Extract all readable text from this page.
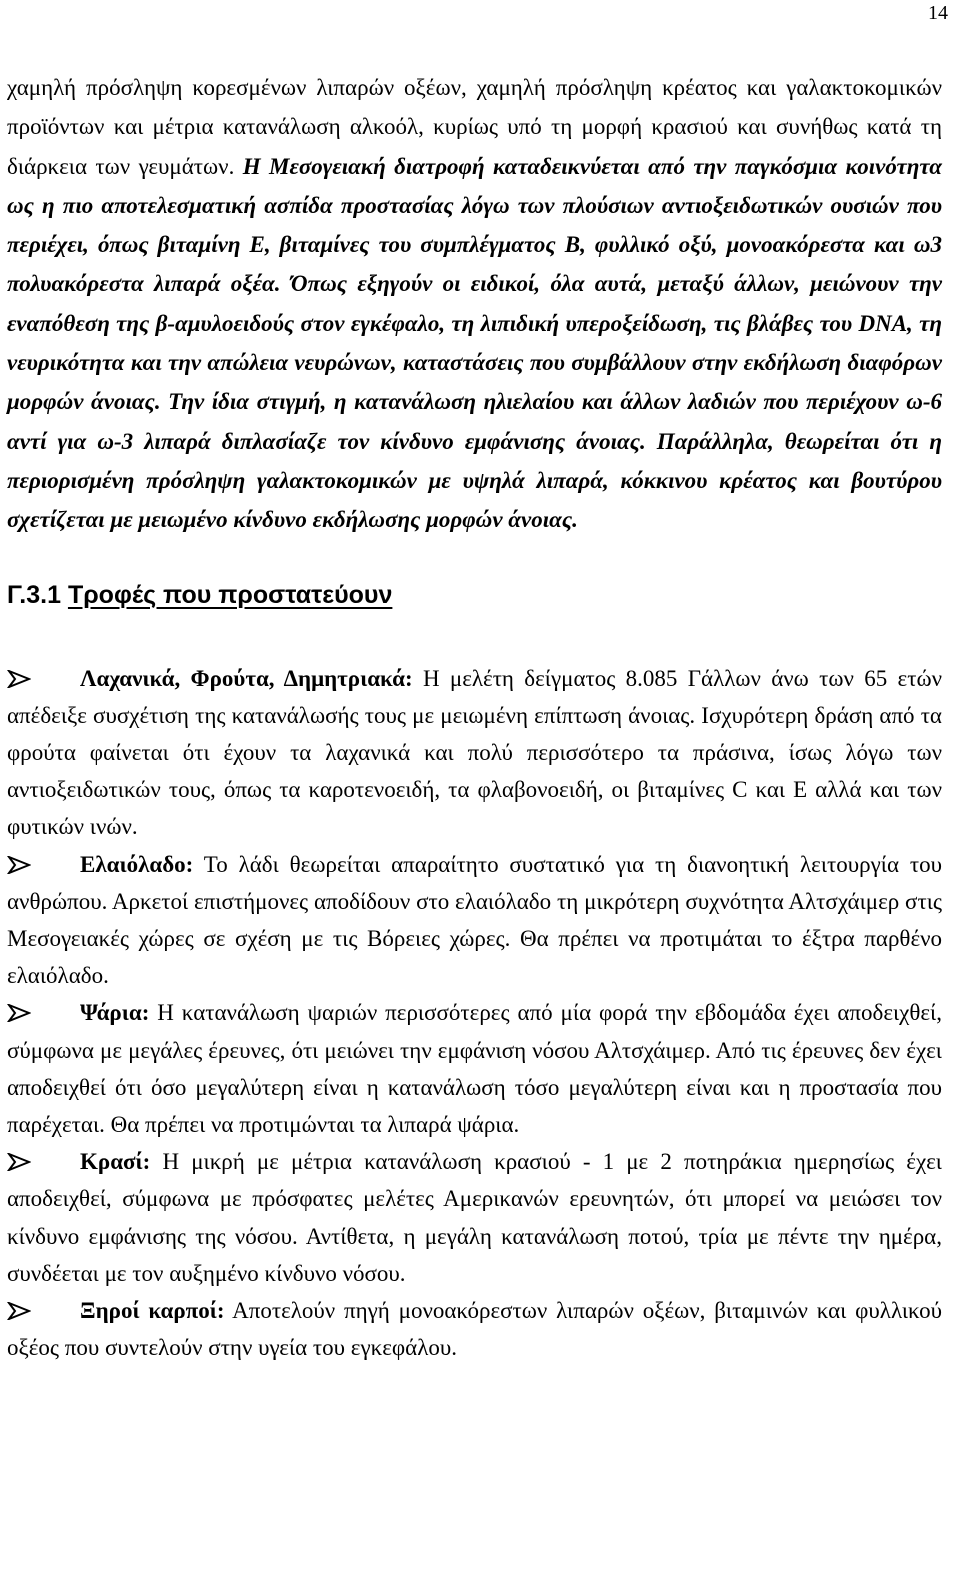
14

χαμηλή πρόσληψη κορεσμένων λιπαρών οξέων, χαμηλή πρόσληψη κρέατος και γαλακτοκομικών προϊόντων και μέτρια κατανάλωση αλκοόλ, κυρίως υπό τη μορφή κρασιού και συνήθως κατά τη διάρκεια των γευμάτων. Η Μεσογειακή διατροφή καταδεικνύεται από την παγκόσμια κοινότητα ως η πιο αποτελεσματική ασπίδα προστασίας λόγω των πλούσιων αντιοξειδωτικών ουσιών που περιέχει, όπως βιταμίνη Ε, βιταμίνες του συμπλέγματος Β, φυλλικό οξύ, μονοακόρεστα και ω3 πολυακόρεστα λιπαρά οξέα. Όπως εξηγούν οι ειδικοί, όλα αυτά, μεταξύ άλλων, μειώνουν την εναπόθεση της β-αμυλοειδούς στον εγκέφαλο, τη λιπιδική υπεροξείδωση, τις βλάβες του DNA, τη νευρικότητα και την απώλεια νευρώνων, καταστάσεις που συμβάλλουν στην εκδήλωση διαφόρων μορφών άνοιας. Την ίδια στιγμή, η κατανάλωση ηλιελαίου και άλλων λαδιών που περιέχουν ω-6 αντί για ω-3 λιπαρά διπλασίαζε τον κίνδυνο εμφάνισης άνοιας. Παράλληλα, θεωρείται ότι η περιορισμένη πρόσληψη γαλακτοκομικών με υψηλά λιπαρά, κόκκινου κρέατος και βουτύρου σχετίζεται με μειωμένο κίνδυνο εκδήλωσης μορφών άνοιας.

Γ.3.1 Τροφές που προστατεύουν
Λαχανικά, Φρούτα, Δημητριακά: Η μελέτη δείγματος 8.085 Γάλλων άνω των 65 ετών απέδειξε συσχέτιση της κατανάλωσής τους με μειωμένη επίπτωση άνοιας. Ισχυρότερη δράση από τα φρούτα φαίνεται ότι έχουν τα λαχανικά και πολύ περισσότερο τα πράσινα, ίσως λόγω των αντιοξειδωτικών τους, όπως τα καροτενοειδή, τα φλαβονοειδή, οι βιταμίνες C και Ε αλλά και των φυτικών ινών.
Ελαιόλαδο: Το λάδι θεωρείται απαραίτητο συστατικό για τη διανοητική λειτουργία του ανθρώπου. Αρκετοί επιστήμονες αποδίδουν στο ελαιόλαδο τη μικρότερη συχνότητα Αλτσχάιμερ στις Μεσογειακές χώρες σε σχέση με τις Βόρειες χώρες. Θα πρέπει να προτιμάται το έξτρα παρθένο ελαιόλαδο.
Ψάρια: Η κατανάλωση ψαριών περισσότερες από μία φορά την εβδομάδα έχει αποδειχθεί, σύμφωνα με μεγάλες έρευνες, ότι μειώνει την εμφάνιση νόσου Αλτσχάιμερ. Από τις έρευνες δεν έχει αποδειχθεί ότι όσο μεγαλύτερη είναι η κατανάλωση τόσο μεγαλύτερη είναι και η προστασία που παρέχεται. Θα πρέπει να προτιμώνται τα λιπαρά ψάρια.
Κρασί: Η μικρή με μέτρια κατανάλωση κρασιού - 1 με 2 ποτηράκια ημερησίως έχει αποδειχθεί, σύμφωνα με πρόσφατες μελέτες Αμερικανών ερευνητών, ότι μπορεί να μειώσει τον κίνδυνο εμφάνισης της νόσου. Αντίθετα, η μεγάλη κατανάλωση ποτού, τρία με πέντε την ημέρα, συνδέεται με τον αυξημένο κίνδυνο νόσου.
Ξηροί καρποί: Αποτελούν πηγή μονοακόρεστων λιπαρών οξέων, βιταμινών και φυλλικού οξέος που συντελούν στην υγεία του εγκεφάλου.
